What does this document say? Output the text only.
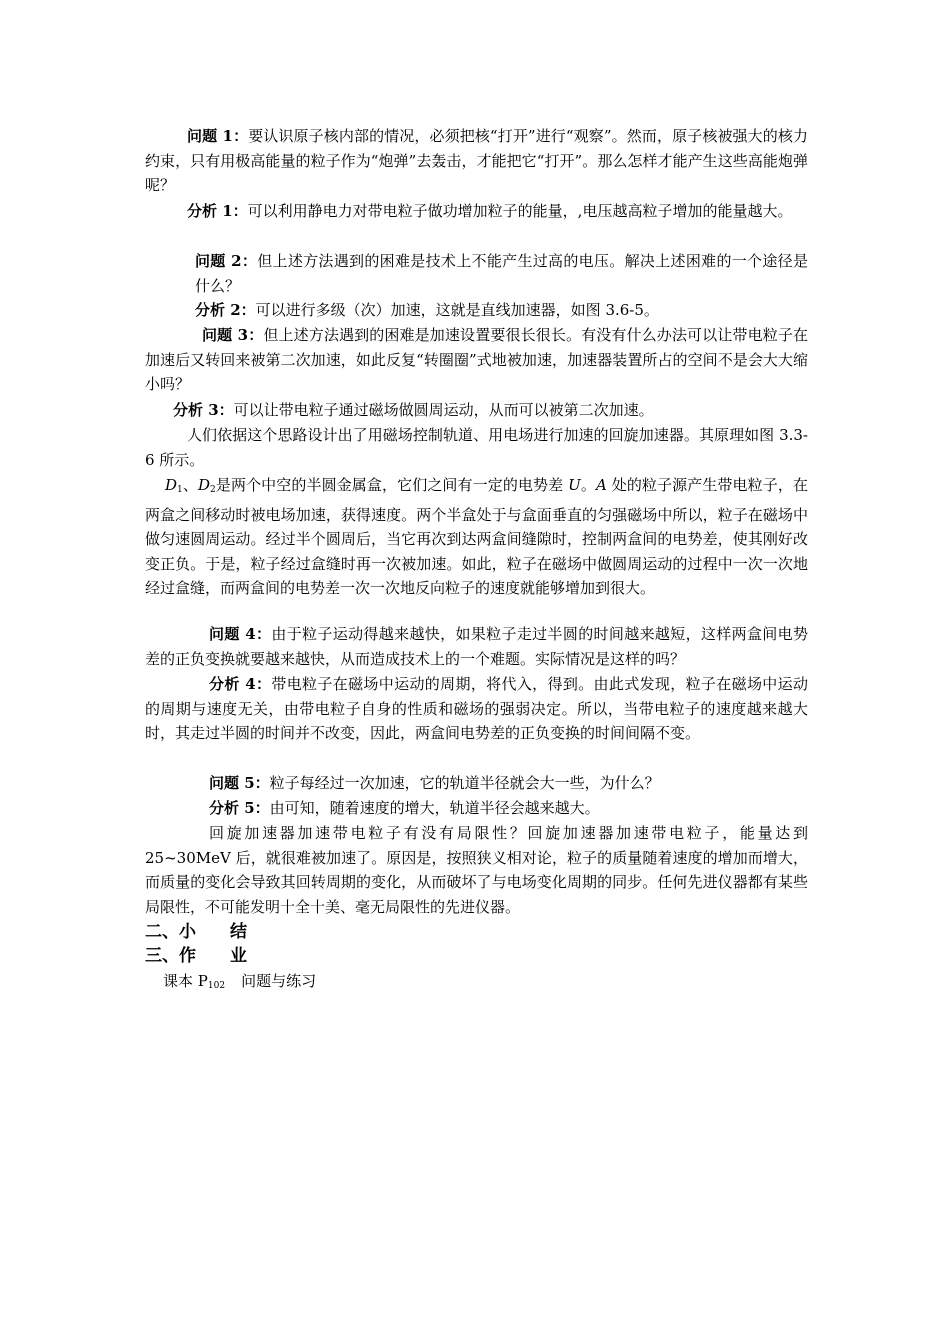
问题 1：要认识原子核内部的情况，必须把核“打开”进行“观察”。然而，原子核被强大的核力约束，只有用极高能量的粒子作为“炮弹”去轰击，才能把它“打开”。那么怎样才能产生这些高能炮弹呢？

分析 1：可以利用静电力对带电粒子做功增加粒子的能量，,电压越高粒子增加的能量越大。

问题 2：但上述方法遇到的困难是技术上不能产生过高的电压。解决上述困难的一个途径是什么？

分析 2：可以进行多级（次）加速，这就是直线加速器，如图 3.6-5。

问题 3：但上述方法遇到的困难是加速设置要很长很长。有没有什么办法可以让带电粒子在加速后又转回来被第二次加速，如此反复“转圈圈”式地被加速，加速器装置所占的空间不是会大大缩小吗？

分析 3：可以让带电粒子通过磁场做圆周运动，从而可以被第二次加速。

人们依据这个思路设计出了用磁场控制轨道、用电场进行加速的回旋加速器。其原理如图 3.3-6 所示。

$D_1$、$D_2$是两个中空的半圆金属盒，它们之间有一定的电势差 U。A 处的粒子源产生带电粒子，在两盒之间移动时被电场加速，获得速度。两个半盒处于与盒面垂直的匀强磁场中所以，粒子在磁场中做匀速圆周运动。经过半个圆周后，当它再次到达两盒间缝隙时，控制两盒间的电势差，使其刚好改变正负。于是，粒子经过盒缝时再一次被加速。如此，粒子在磁场中做圆周运动的过程中一次一次地经过盒缝，而两盒间的电势差一次一次地反向粒子的速度就能够增加到很大。

问题 4：由于粒子运动得越来越快，如果粒子走过半圆的时间越来越短，这样两盒间电势差的正负变换就要越来越快，从而造成技术上的一个难题。实际情况是这样的吗？

分析 4：带电粒子在磁场中运动的周期，将代入，得到。由此式发现，粒子在磁场中运动的周期与速度无关，由带电粒子自身的性质和磁场的强弱决定。所以，当带电粒子的速度越来越大时，其走过半圆的时间并不改变，因此，两盒间电势差的正负变换的时间间隔不变。

问题 5：粒子每经过一次加速，它的轨道半径就会大一些，为什么？

分析 5：由可知，随着速度的增大，轨道半径会越来越大。

回旋加速器加速带电粒子有没有局限性？回旋加速器加速带电粒子，能量达到 25~30MeV 后，就很难被加速了。原因是，按照狭义相对论，粒子的质量随着速度的增加而增大，而质量的变化会导致其回转周期的变化，从而破坏了与电场变化周期的同步。任何先进仪器都有某些局限性，不可能发明十全十美、毫无局限性的先进仪器。

二、小 结

三、作 业

课本 $P_{102}$ 问题与练习
